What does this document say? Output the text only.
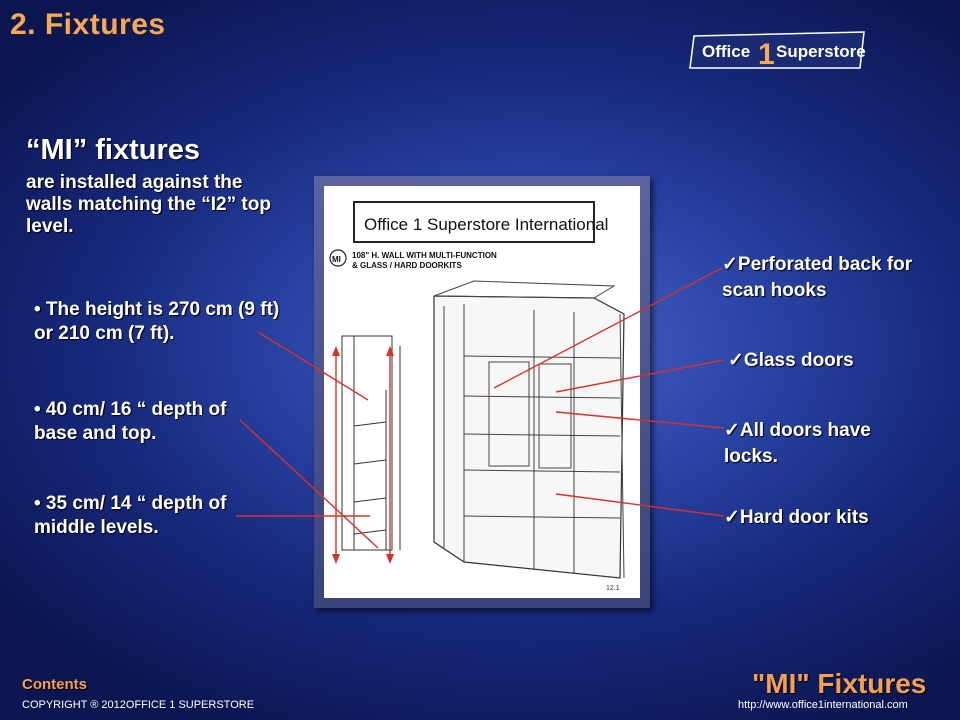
2. Fixtures
Office 1 Superstore
“MI” fixtures
are installed against the walls matching the “I2” top level.
• The height is 270 cm (9 ft) or 210 cm (7 ft).
• 40 cm/ 16 “ depth of base and top.
• 35 cm/ 14 “ depth of middle levels.
Office 1 Superstore International
MI 108" H. WALL WITH MULTI-FUNCTION
& GLASS / HARD DOORKITS
12.1
✓Perforated back for scan hooks
✓Glass doors
✓All doors have locks.
✓Hard door kits
Contents
COPYRIGHT ® 2012OFFICE 1 SUPERSTORE
"MI" Fixtures
http://www.office1international.com
